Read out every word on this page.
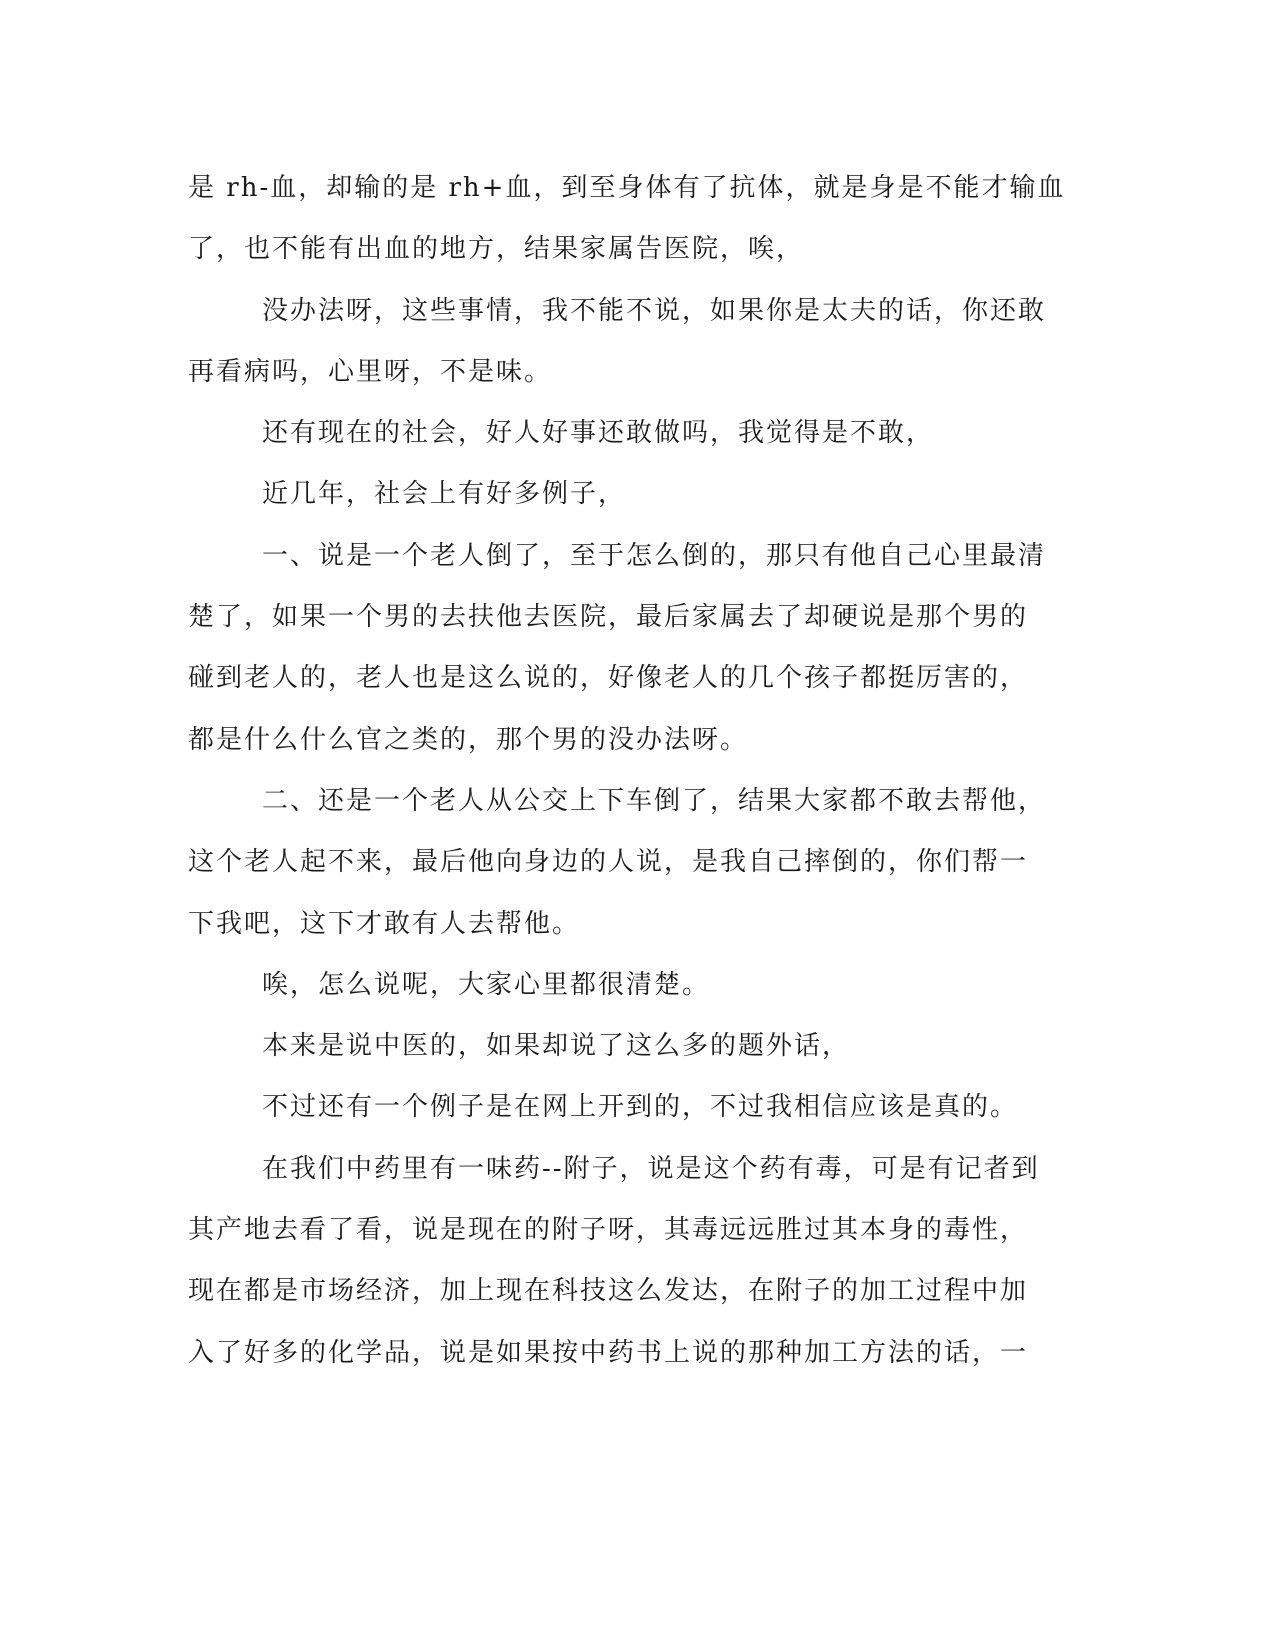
是 rh-血，却输的是 rh+血，到至身体有了抗体，就是身是不能才输血
了，也不能有出血的地方，结果家属告医院，唉，
没办法呀，这些事情，我不能不说，如果你是太夫的话，你还敢
再看病吗，心里呀，不是味。
还有现在的社会，好人好事还敢做吗，我觉得是不敢，
近几年，社会上有好多例子，
一、说是一个老人倒了，至于怎么倒的，那只有他自己心里最清
楚了，如果一个男的去扶他去医院，最后家属去了却硬说是那个男的
碰到老人的，老人也是这么说的，好像老人的几个孩子都挺厉害的，
都是什么什么官之类的，那个男的没办法呀。
二、还是一个老人从公交上下车倒了，结果大家都不敢去帮他，
这个老人起不来，最后他向身边的人说，是我自己摔倒的，你们帮一
下我吧，这下才敢有人去帮他。
唉，怎么说呢，大家心里都很清楚。
本来是说中医的，如果却说了这么多的题外话，
不过还有一个例子是在网上开到的，不过我相信应该是真的。
在我们中药里有一味药--附子，说是这个药有毒，可是有记者到
其产地去看了看，说是现在的附子呀，其毒远远胜过其本身的毒性，
现在都是市场经济，加上现在科技这么发达，在附子的加工过程中加
入了好多的化学品，说是如果按中药书上说的那种加工方法的话，一
